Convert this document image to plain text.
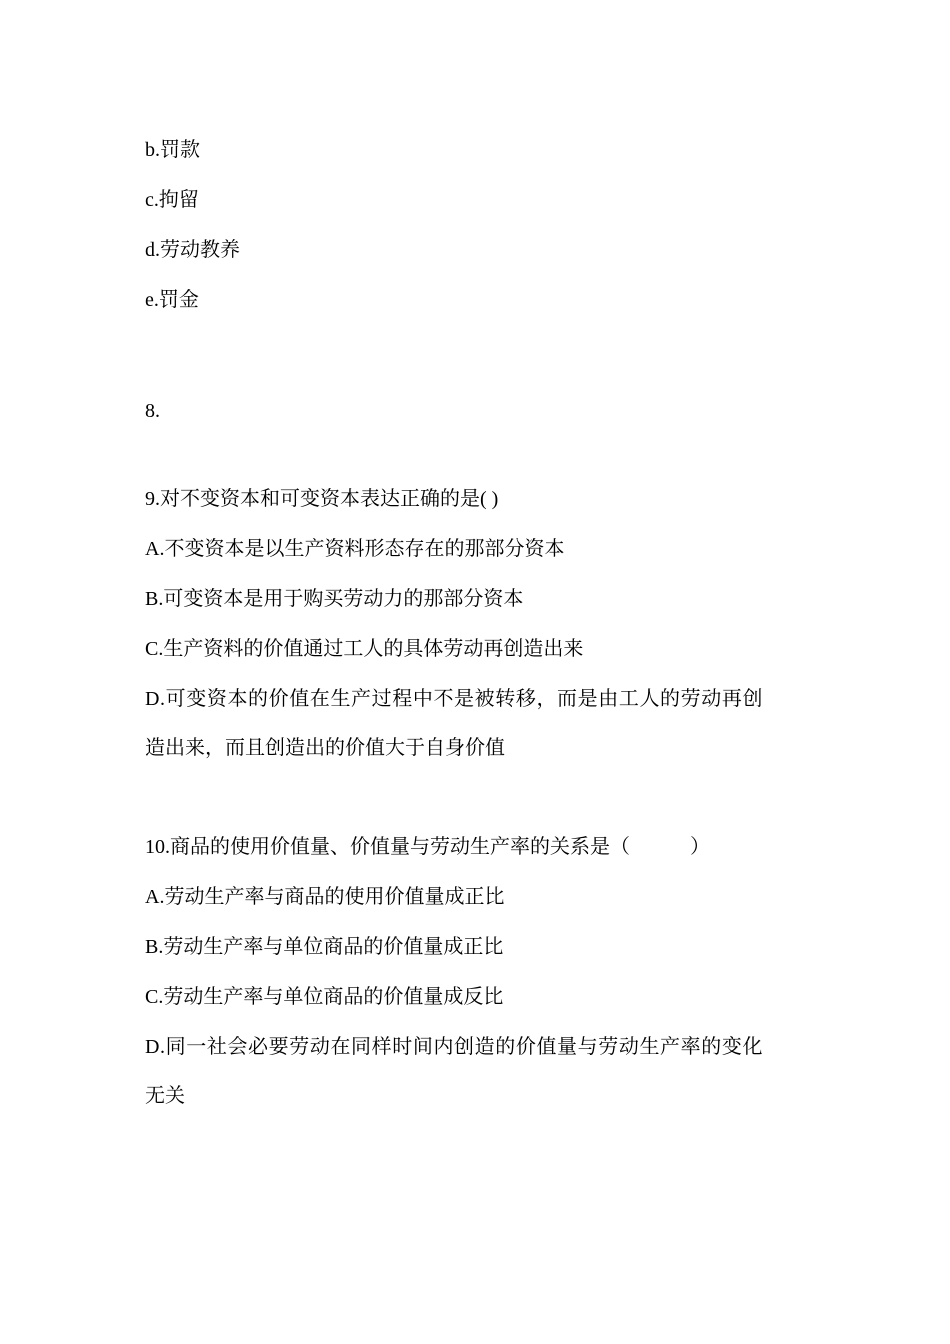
b.罚款
c.拘留
d.劳动教养
e.罚金
8.
9.对不变资本和可变资本表达正确的是( )
A.不变资本是以生产资料形态存在的那部分资本
B.可变资本是用于购买劳动力的那部分资本
C.生产资料的价值通过工人的具体劳动再创造出来
D.可变资本的价值在生产过程中不是被转移，而是由工人的劳动再创
造出来，而且创造出的价值大于自身价值
10.商品的使用价值量、价值量与劳动生产率的关系是（　　　）
A.劳动生产率与商品的使用价值量成正比
B.劳动生产率与单位商品的价值量成正比
C.劳动生产率与单位商品的价值量成反比
D.同一社会必要劳动在同样时间内创造的价值量与劳动生产率的变化
无关
